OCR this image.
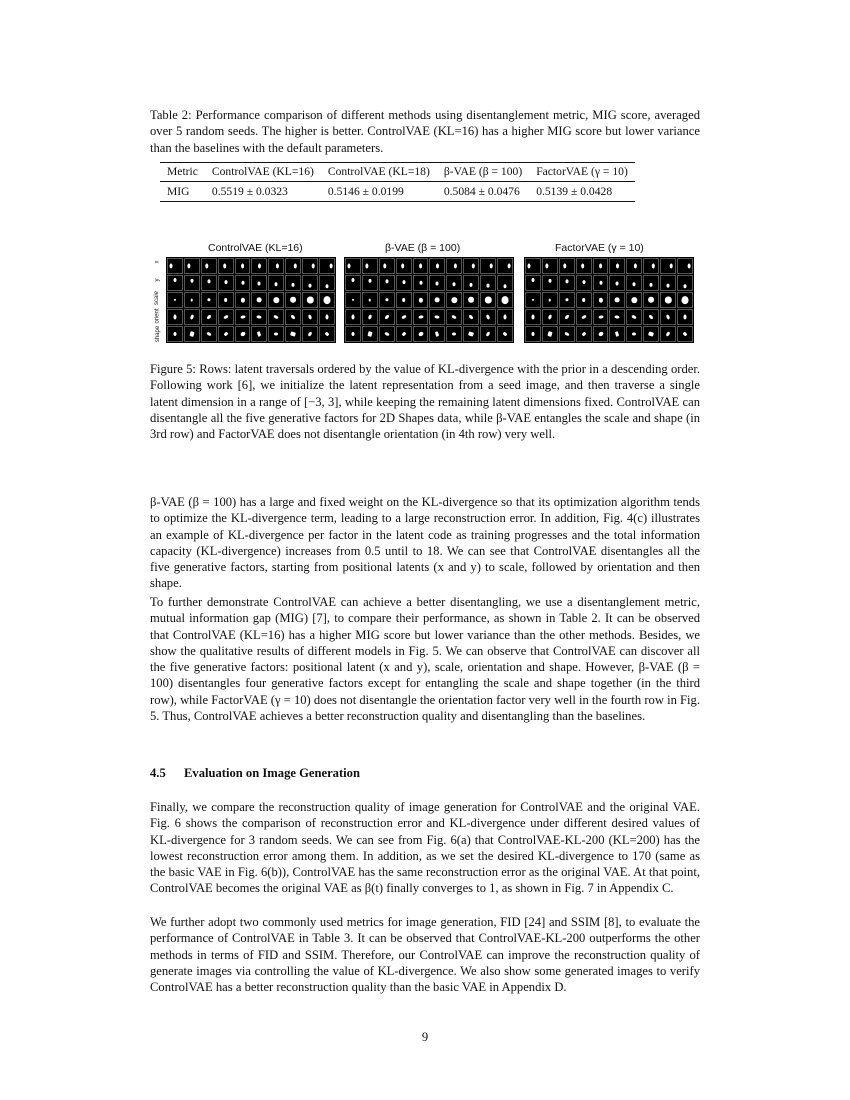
Table 2: Performance comparison of different methods using disentanglement metric, MIG score, averaged over 5 random seeds. The higher is better. ControlVAE (KL=16) has a higher MIG score but lower variance than the baselines with the default parameters.

Metric	ControlVAE (KL=16)	ControlVAE (KL=18)	β-VAE (β = 100)	FactorVAE (γ = 10)
MIG	0.5519 ± 0.0323	0.5146 ± 0.0199	0.5084 ± 0.0476	0.5139 ± 0.0428
ControlVAE (KL=16)	β-VAE (β = 100)	FactorVAE (γ = 10)
x
y
scale
orient
shape

Figure 5: Rows: latent traversals ordered by the value of KL-divergence with the prior in a descending order. Following work [6], we initialize the latent representation from a seed image, and then traverse a single latent dimension in a range of [−3, 3], while keeping the remaining latent dimensions fixed. ControlVAE can disentangle all the five generative factors for 2D Shapes data, while β-VAE entangles the scale and shape (in 3rd row) and FactorVAE does not disentangle orientation (in 4th row) very well.

β-VAE (β = 100) has a large and fixed weight on the KL-divergence so that its optimization algorithm tends to optimize the KL-divergence term, leading to a large reconstruction error. In addition, Fig. 4(c) illustrates an example of KL-divergence per factor in the latent code as training progresses and the total information capacity (KL-divergence) increases from 0.5 until to 18. We can see that ControlVAE disentangles all the five generative factors, starting from positional latents (x and y) to scale, followed by orientation and then shape.

To further demonstrate ControlVAE can achieve a better disentangling, we use a disentanglement metric, mutual information gap (MIG) [7], to compare their performance, as shown in Table 2. It can be observed that ControlVAE (KL=16) has a higher MIG score but lower variance than the other methods. Besides, we show the qualitative results of different models in Fig. 5. We can observe that ControlVAE can discover all the five generative factors: positional latent (x and y), scale, orientation and shape. However, β-VAE (β = 100) disentangles four generative factors except for entangling the scale and shape together (in the third row), while FactorVAE (γ = 10) does not disentangle the orientation factor very well in the fourth row in Fig. 5. Thus, ControlVAE achieves a better reconstruction quality and disentangling than the baselines.

4.5 Evaluation on Image Generation

Finally, we compare the reconstruction quality of image generation for ControlVAE and the original VAE. Fig. 6 shows the comparison of reconstruction error and KL-divergence under different desired values of KL-divergence for 3 random seeds. We can see from Fig. 6(a) that ControlVAE-KL-200 (KL=200) has the lowest reconstruction error among them. In addition, as we set the desired KL-divergence to 170 (same as the basic VAE in Fig. 6(b)), ControlVAE has the same reconstruction error as the original VAE. At that point, ControlVAE becomes the original VAE as β(t) finally converges to 1, as shown in Fig. 7 in Appendix C.

We further adopt two commonly used metrics for image generation, FID [24] and SSIM [8], to evaluate the performance of ControlVAE in Table 3. It can be observed that ControlVAE-KL-200 outperforms the other methods in terms of FID and SSIM. Therefore, our ControlVAE can improve the reconstruction quality of generate images via controlling the value of KL-divergence. We also show some generated images to verify ControlVAE has a better reconstruction quality than the basic VAE in Appendix D.

9
